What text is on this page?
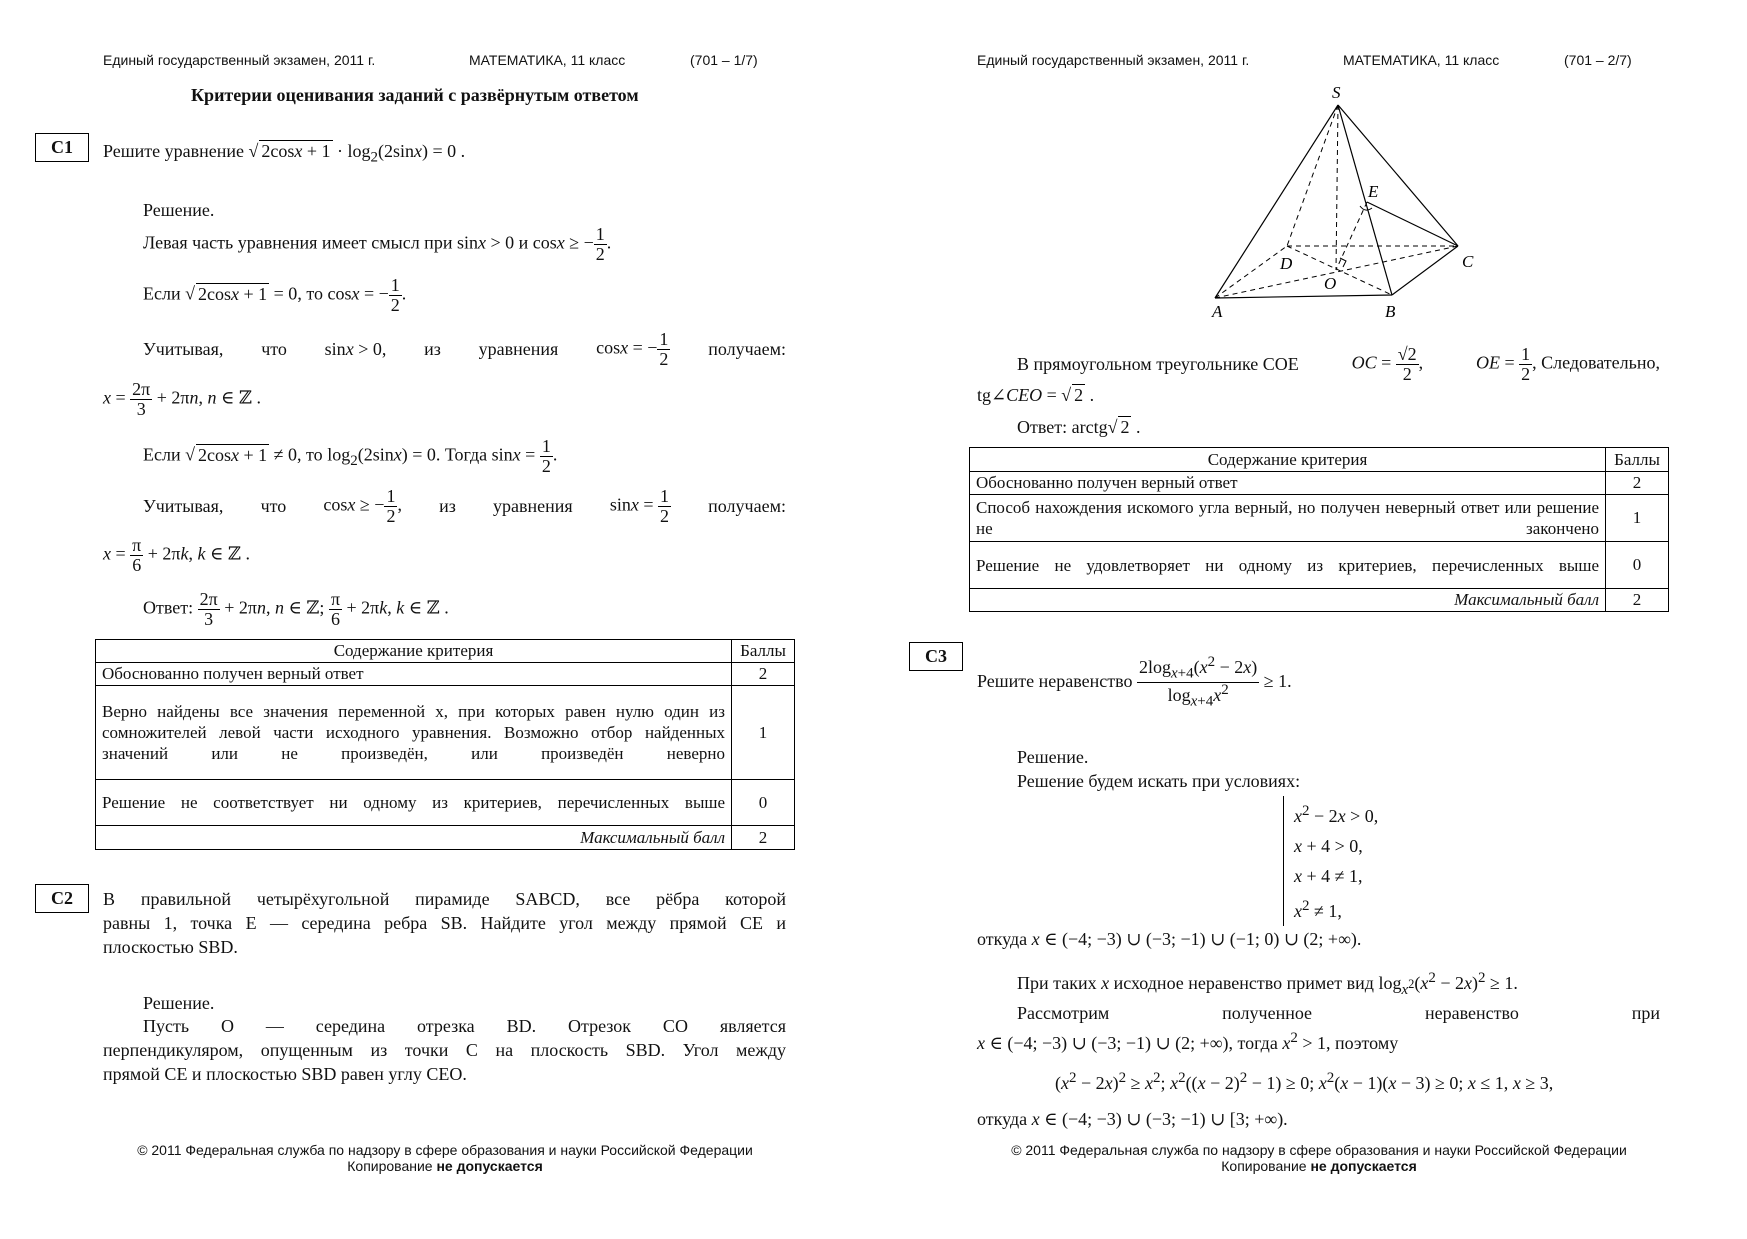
Единый государственный экзамен, 2011 г.	МАТЕМАТИКА, 11 класс	(701 – 1/7)
Критерии оценивания заданий с развёрнутым ответом
C1	Решите уравнение √ $2\cos x + 1 \cdot \log_2(2\sin x) = 0$ .
Решение.
Левая часть уравнения имеет смысл при sinx > 0 и cosx ≥ − $\frac{1}{2}$ .
Если √ 2cosx + 1 = 0, то cosx = − $\frac{1}{2}$ .
Учитывая, что sinx > 0, из уравнения cosx = − $\frac{1}{2}$ получаем:
$x = \frac{2\pi}{3} + 2\pi n$, n ∈ ℤ .
Если √ 2cosx + 1 ≠ 0, то $\log_2(2\sin x) = 0$. Тогда $\sin x = \frac{1}{2}$ .
Учитывая, что cosx ≥ − $\frac{1}{2}$ , из уравнения $\sin x = \frac{1}{2}$ получаем:
$x = \frac{\pi}{6} + 2\pi k$, k ∈ ℤ .
Ответ: $\frac{2\pi}{3} + 2\pi n$, n ∈ ℤ; $\frac{\pi}{6} + 2\pi k$, k ∈ ℤ .
Содержание критерия	Баллы
Обоснованно получен верный ответ	2
Верно найдены все значения переменной x, при которых равен нулю один из сомножителей левой части исходного уравнения. Возможно отбор найденных значений или не произведён, или произведён неверно	1
Решение не соответствует ни одному из критериев, перечисленных выше	0
Максимальный балл	2
C2	В правильной четырёхугольной пирамиде SABCD, все рёбра которой
равны 1, точка E — середина ребра SB. Найдите угол между прямой CE и
плоскостью SBD.
Решение.
Пусть O — середина отрезка BD. Отрезок CO является
перпендикуляром, опущенным из точки C на плоскость SBD. Угол между
прямой CE и плоскостью SBD равен углу CEO.
© 2011 Федеральная служба по надзору в сфере образования и науки Российской Федерации
Копирование не допускается
Единый государственный экзамен, 2011 г.	МАТЕМАТИКА, 11 класс	(701 – 2/7)
S
E
D	C
O
A	B
В прямоугольном треугольнике COE	OC = $\frac{√2}{2}$ ,	OE = $\frac{1}{2}$ , Следовательно,
tg∠CEO = √ 2 .
Ответ: arctg√ 2 .
Содержание критерия	Баллы
Обоснованно получен верный ответ	2
Способ нахождения искомого угла верный, но получен неверный ответ или решение не закончено	1
Решение не удовлетворяет ни одному из критериев, перечисленных выше	0
Максимальный балл	2
C3
Решите неравенство $\frac{2\log_{x+4}(x^2 - 2x)}{\log_{x+4}x^2} \ge 1$.
Решение.
Решение будем искать при условиях:
$x^2 - 2x > 0$,
x + 4 > 0,
x + 4 ≠ 1,
$x^2 \ne 1$,
откуда x ∈ (−4; −3) ∪ (−3; −1) ∪ (−1; 0) ∪ (2; +∞).
При таких x исходное неравенство примет вид $\log_{x^2}(x^2 - 2x)^2 \ge 1$.
Рассмотрим	полученное	неравенство	при
x ∈ (−4; −3) ∪ (−3; −1) ∪ (2; +∞), тогда $x^2 > 1$, поэтому
$(x^2 - 2x)^2 \ge x^2$; $x^2((x - 2)^2 - 1) \ge 0$; $x^2(x - 1)(x - 3) \ge 0$; x ≤ 1, x ≥ 3,
откуда x ∈ (−4; −3) ∪ (−3; −1) ∪ [3; +∞).
© 2011 Федеральная служба по надзору в сфере образования и науки Российской Федерации
Копирование не допускается
